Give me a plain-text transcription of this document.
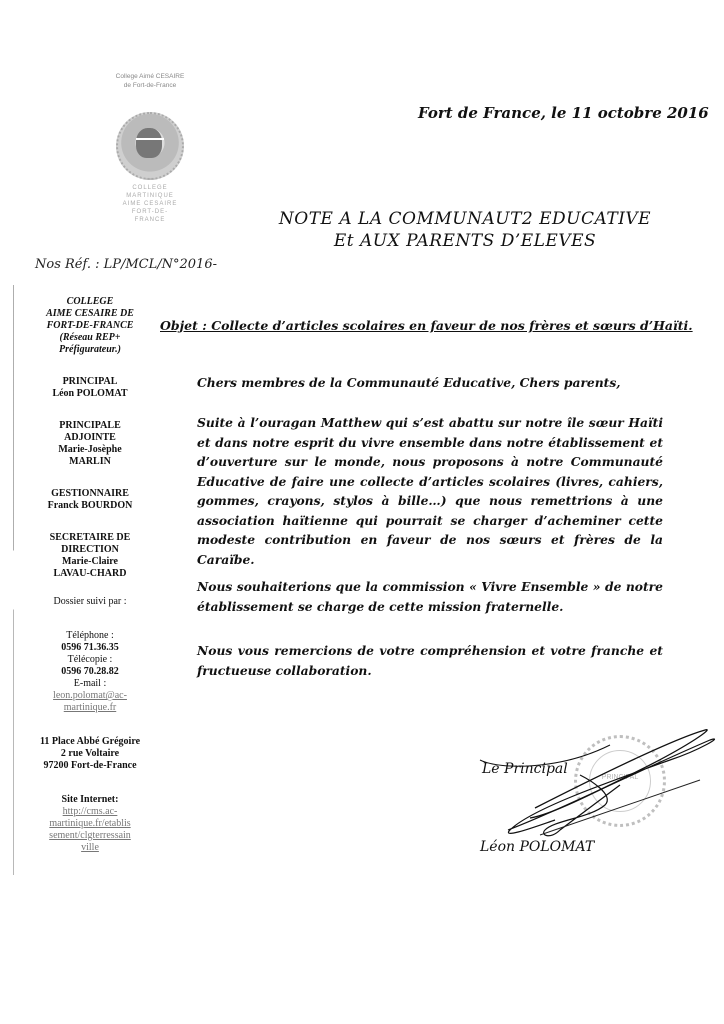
College Aimé CESAIRE
de Fort-de-France
COLLEGE
MARTINIQUE
AIME CESAIRE
FORT-DE-
FRANCE
Fort de France, le 11 octobre 2016
NOTE A LA COMMUNAUT2 EDUCATIVE
Et AUX PARENTS D’ELEVES
Nos Réf. : LP/MCL/N°2016-
COLLEGE
AIME CESAIRE DE
FORT-DE-FRANCE
(Réseau REP+
Préfigurateur.)
PRINCIPAL
Léon POLOMAT
PRINCIPALE
ADJOINTE
Marie-Josèphe
MARLIN
GESTIONNAIRE
Franck BOURDON
SECRETAIRE DE
DIRECTION
Marie-Claire
LAVAU-CHARD
Dossier suivi par :
Téléphone :
0596 71.36.35
Télécopie :
0596 70.28.82
E-mail :
leon.polomat@ac-
martinique.fr
11 Place Abbé Grégoire
2 rue Voltaire
97200 Fort-de-France
Site Internet:
http://cms.ac-
martinique.fr/etablis
sement/clgterressain
ville
Objet : Collecte d’articles scolaires en faveur de nos frères et sœurs d’Haïti.
Chers membres de la Communauté Educative, Chers parents,
Suite à l’ouragan Matthew qui s’est abattu sur notre île sœur Haïti et dans notre esprit du vivre ensemble dans notre établissement et d’ouverture sur le monde, nous proposons à notre Communauté Educative de faire une collecte d’articles scolaires (livres, cahiers, gommes, crayons, stylos à bille…) que nous remettrions à une association haïtienne qui pourrait se charger d’acheminer cette modeste contribution en faveur de nos sœurs et frères de la Caraïbe.
Nous souhaiterions que la commission « Vivre Ensemble » de notre établissement se charge de cette mission fraternelle.
Nous vous remercions de votre compréhension et votre franche et fructueuse collaboration.
PRINCIPAL
Le Principal
Léon POLOMAT
